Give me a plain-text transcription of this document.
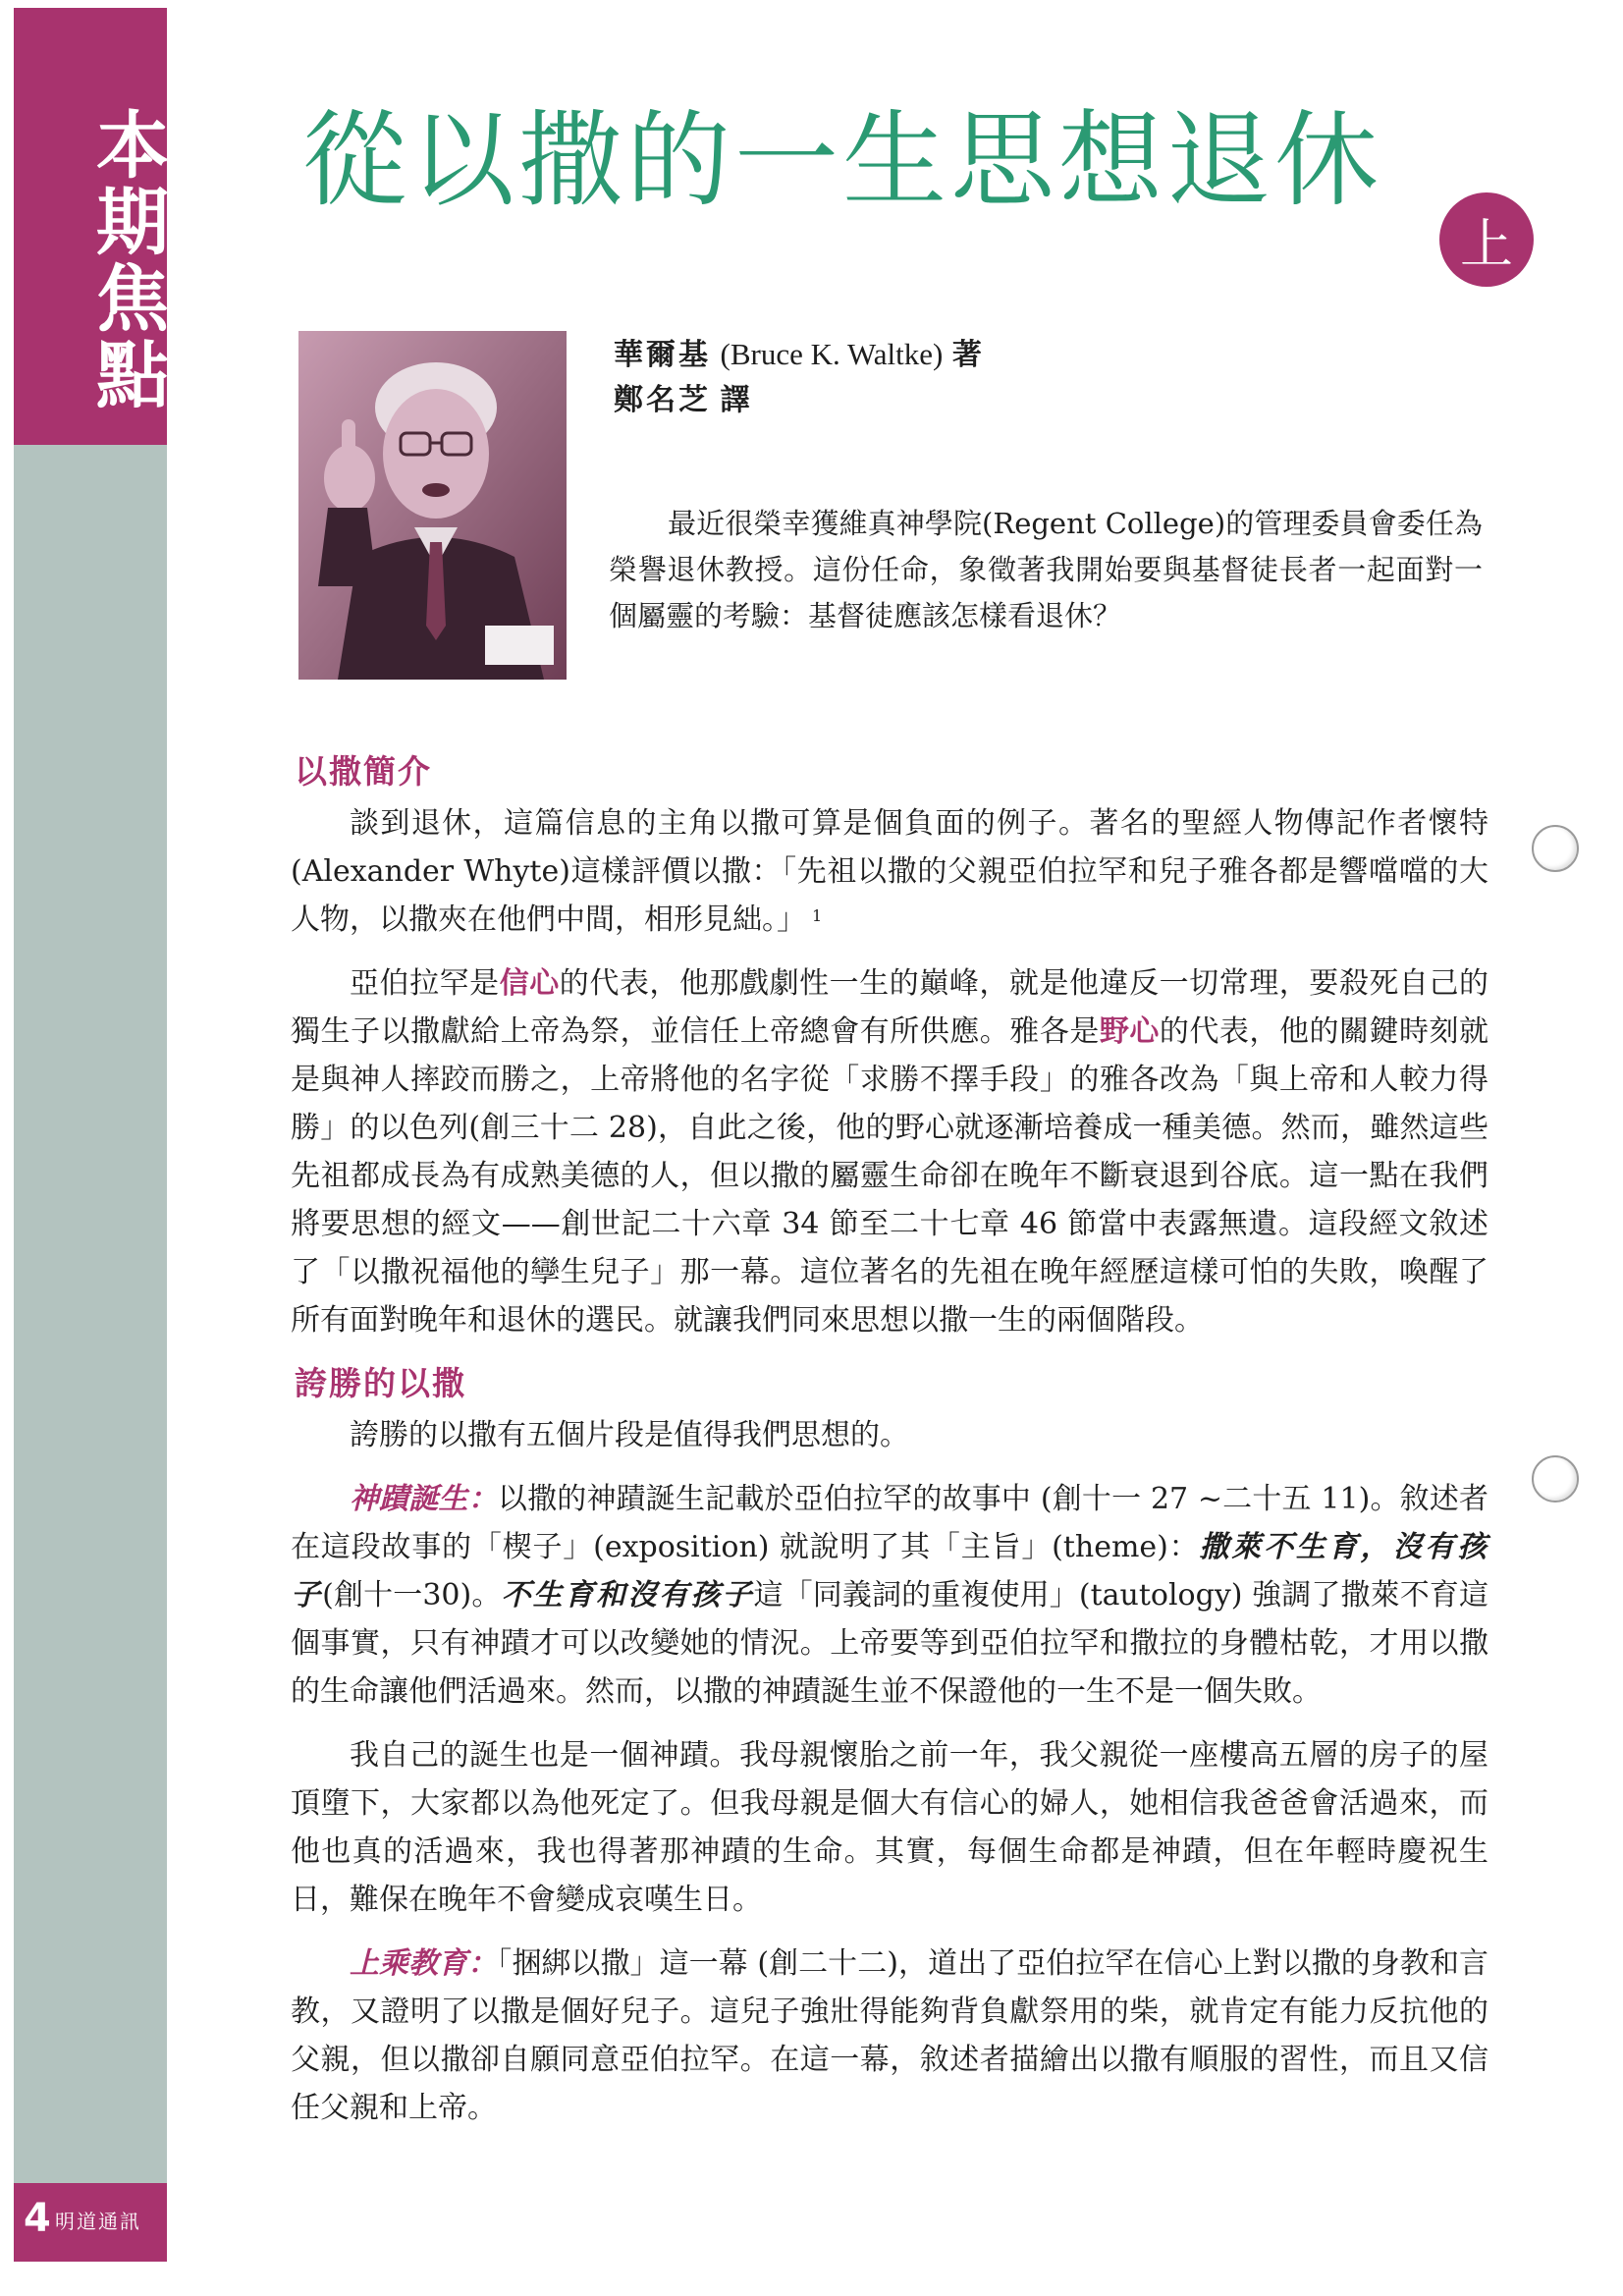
本期焦點
4 明道通訊
從以撒的一生思想退休
上
華爾基 (Bruce K. Waltke) 著
鄭名芝 譯

最近很榮幸獲維真神學院(Regent College)的管理委員會委任為榮譽退休教授。這份任命，象徵著我開始要與基督徒長者一起面對一個屬靈的考驗：基督徒應該怎樣看退休？

以撒簡介

談到退休，這篇信息的主角以撒可算是個負面的例子。著名的聖經人物傳記作者懷特(Alexander Whyte)這樣評價以撒：「先祖以撒的父親亞伯拉罕和兒子雅各都是響噹噹的大人物，以撒夾在他們中間，相形見絀。」 $^1$

亞伯拉罕是信心的代表，他那戲劇性一生的巔峰，就是他違反一切常理，要殺死自己的獨生子以撒獻給上帝為祭，並信任上帝總會有所供應。雅各是野心的代表，他的關鍵時刻就是與神人摔跤而勝之，上帝將他的名字從「求勝不擇手段」的雅各改為「與上帝和人較力得勝」的以色列(創三十二 28)，自此之後，他的野心就逐漸培養成一種美德。然而，雖然這些先祖都成長為有成熟美德的人，但以撒的屬靈生命卻在晚年不斷衰退到谷底。這一點在我們將要思想的經文——創世記二十六章 34 節至二十七章 46 節當中表露無遺。這段經文敘述了「以撒祝福他的孿生兒子」那一幕。這位著名的先祖在晚年經歷這樣可怕的失敗，喚醒了所有面對晚年和退休的選民。就讓我們同來思想以撒一生的兩個階段。

誇勝的以撒

誇勝的以撒有五個片段是值得我們思想的。

神蹟誕生：以撒的神蹟誕生記載於亞伯拉罕的故事中 (創十一 27 ~二十五 11)。敘述者在這段故事的「楔子」(exposition) 就說明了其「主旨」(theme)：撒萊不生育，沒有孩子(創十一30)。不生育和沒有孩子這「同義詞的重複使用」(tautology) 強調了撒萊不育這個事實，只有神蹟才可以改變她的情況。上帝要等到亞伯拉罕和撒拉的身體枯乾，才用以撒的生命讓他們活過來。然而，以撒的神蹟誕生並不保證他的一生不是一個失敗。

我自己的誕生也是一個神蹟。我母親懷胎之前一年，我父親從一座樓高五層的房子的屋頂墮下，大家都以為他死定了。但我母親是個大有信心的婦人，她相信我爸爸會活過來，而他也真的活過來，我也得著那神蹟的生命。其實，每個生命都是神蹟，但在年輕時慶祝生日，難保在晚年不會變成哀嘆生日。

上乘教育：「捆綁以撒」這一幕 (創二十二)，道出了亞伯拉罕在信心上對以撒的身教和言教，又證明了以撒是個好兒子。這兒子強壯得能夠背負獻祭用的柴，就肯定有能力反抗他的父親，但以撒卻自願同意亞伯拉罕。在這一幕，敘述者描繪出以撒有順服的習性，而且又信任父親和上帝。
